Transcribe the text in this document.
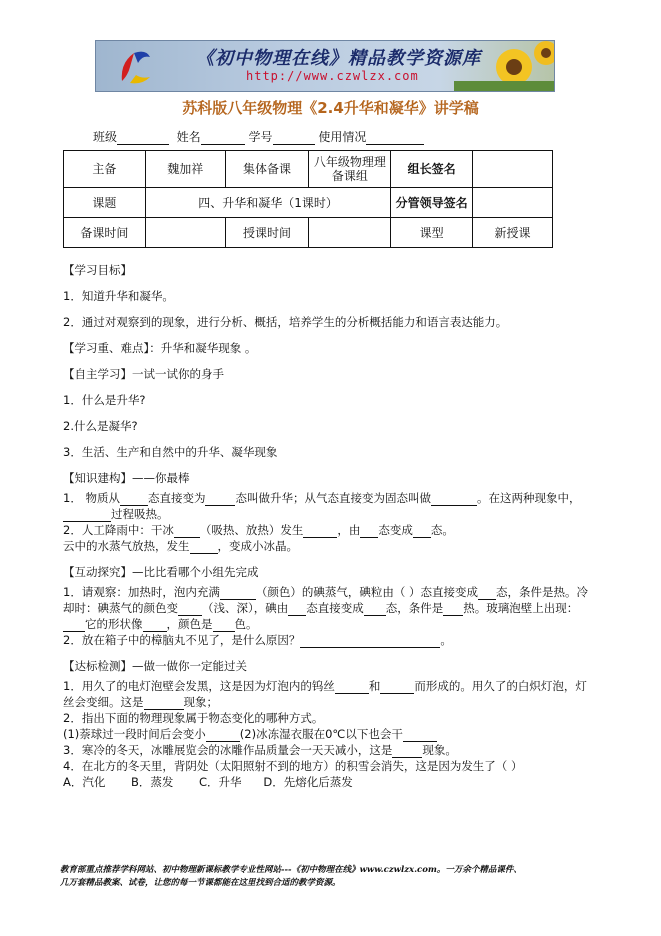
《初中物理在线》精品教学资源库
http://www.czwlzx.com
苏科版八年级物理《2.4升华和凝华》讲学稿
班级	姓名	学号	使用情况
主备	魏加祥	集体备课	八年级物理理备课组	组长签名	
课题	四、升华和凝华（1课时）			分管领导签名	
备课时间		授课时间		课型	新授课

【学习目标】

1．知道升华和凝华。

2．通过对观察到的现象，进行分析、概括，培养学生的分析概括能力和语言表达能力。

【学习重、难点】：升华和凝华现象 。

【自主学习】一试一试你的身手

1．什么是升华?

2.什么是凝华?

3．生活、生产和自然中的升华、凝华现象

【知识建构】——你最棒

1． 物质从 态直接变为	态叫做升华；从气态直接变为固态叫做	。在这两种现象中，

过程吸热。

2．人工降雨中：干冰 （吸热、放热）发生	，由 态变成 态。

云中的水蒸气放热，发生 ，变成小冰晶。

【互动探究】—比比看哪个小组先完成

1．请观察：加热时，泡内充满	（颜色）的碘蒸气，碘粒由（ ）态直接变成 态，条件是热。冷却时：碘蒸气的颜色变 （浅、深），碘由 态直接变成 态，条件是 热。玻璃泡壁上出现：它的形状像 ，颜色是 色。

2．放在箱子中的樟脑丸不见了，是什么原因？	。

【达标检测】—做一做你一定能过关

1．用久了的电灯泡壁会发黑，这是因为灯泡内的钨丝	和	而形成的。用久了的白炽灯泡，灯丝会变细。这是	现象；

2．指出下面的物理现象属于物态变化的哪种方式。

(1)萘球过一段时间后会变小	(2)冰冻湿衣服在0℃以下也会干

3．寒冷的冬天，冰雕展览会的冰雕作品质量会一天天减小，这是	现象。

4．在北方的冬天里，背阴处（太阳照射不到的地方）的积雪会消失，这是因为发生了（ ）

A．汽化 B．蒸发 C．升华 D．先熔化后蒸发

教育部重点推荐学科网站、初中物理新课标教学专业性网站---《初中物理在线》www.czwlzx.com。一万余个精品课件、
几万套精品教案、试卷，让您的每一节课都能在这里找到合适的教学资源。
